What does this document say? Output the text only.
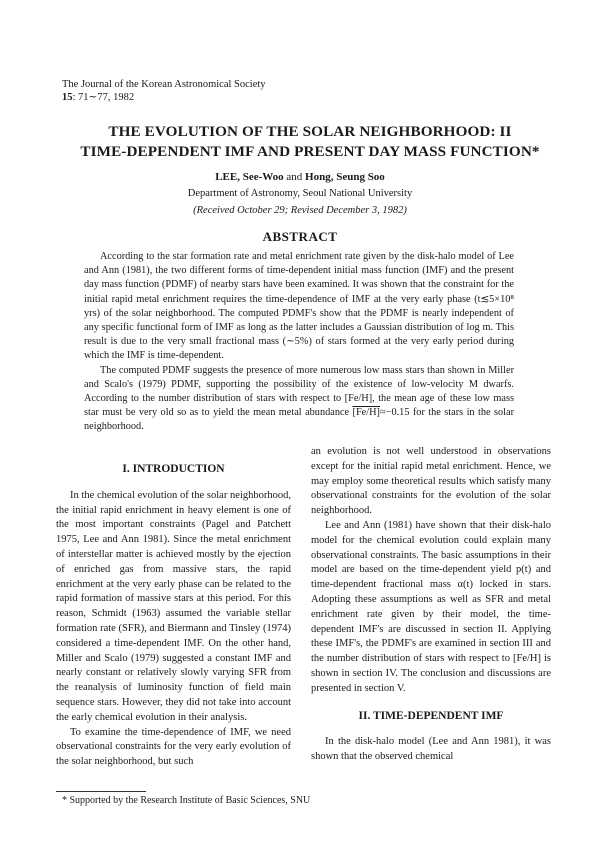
The Journal of the Korean Astronomical Society
15: 71∼77, 1982
THE EVOLUTION OF THE SOLAR NEIGHBORHOOD: II
TIME-DEPENDENT IMF AND PRESENT DAY MASS FUNCTION*
LEE, See-Woo and Hong, Seung Soo
Department of Astronomy, Seoul National University
(Received October 29; Revised December 3, 1982)
ABSTRACT

According to the star formation rate and metal enrichment rate given by the disk-halo model of Lee and Ann (1981), the two different forms of time-dependent initial mass function (IMF) and the present day mass function (PDMF) of nearby stars have been examined. It was shown that the constraint for the initial rapid metal enrichment requires the time-dependence of IMF at the very early phase (t≲5×10⁸ yrs) of the solar neighborhood. The computed PDMF's show that the PDMF is nearly independent of any specific functional form of IMF as long as the latter includes a Gaussian distribution of log m. This result is due to the very small fractional mass (∼5%) of stars formed at the very early period during which the IMF is time-dependent.

The computed PDMF suggests the presence of more numerous low mass stars than shown in Miller and Scalo's (1979) PDMF, supporting the possibility of the existence of low-velocity M dwarfs. According to the number distribution of stars with respect to [Fe/H], the mean age of these low mass star must be very old so as to yield the mean metal abundance [Fe/H]≈−0.15 for the stars in the solar neighborhood.

I. INTRODUCTION

In the chemical evolution of the solar neighborhood, the initial rapid enrichment in heavy element is one of the most important constraints (Pagel and Patchett 1975, Lee and Ann 1981). Since the metal enrichment of interstellar matter is achieved mostly by the ejection of enriched gas from massive stars, the rapid enrichment at the very early phase can be related to the rapid formation of massive stars at this period. For this reason, Schmidt (1963) assumed the variable stellar formation rate (SFR), and Biermann and Tinsley (1974) considered a time-dependent IMF. On the other hand, Miller and Scalo (1979) suggested a constant IMF and nearly constant or relatively slowly varying SFR from the reanalysis of luminosity function of field main sequence stars. However, they did not take into account the early chemical evolution in their analysis.

To examine the time-dependence of IMF, we need observational constraints for the very early evolution of the solar neighborhood, but such

an evolution is not well understood in observations except for the initial rapid metal enrichment. Hence, we may employ some theoretical results which satisfy many observational constraints for the evolution of the solar neighborhood.

Lee and Ann (1981) have shown that their disk-halo model for the chemical evolution could explain many observational constraints. The basic assumptions in their model are based on the time-dependent yield p(t) and time-dependent fractional mass α(t) locked in stars. Adopting these assumptions as well as SFR and metal enrichment rate given by their model, the time-dependent IMF's are discussed in section II. Applying these IMF's, the PDMF's are examined in section III and the number distribution of stars with respect to [Fe/H] is shown in section IV. The conclusion and discussions are presented in section V.

II. TIME-DEPENDENT IMF

In the disk-halo model (Lee and Ann 1981), it was shown that the observed chemical

* Supported by the Research Institute of Basic Sciences, SNU
